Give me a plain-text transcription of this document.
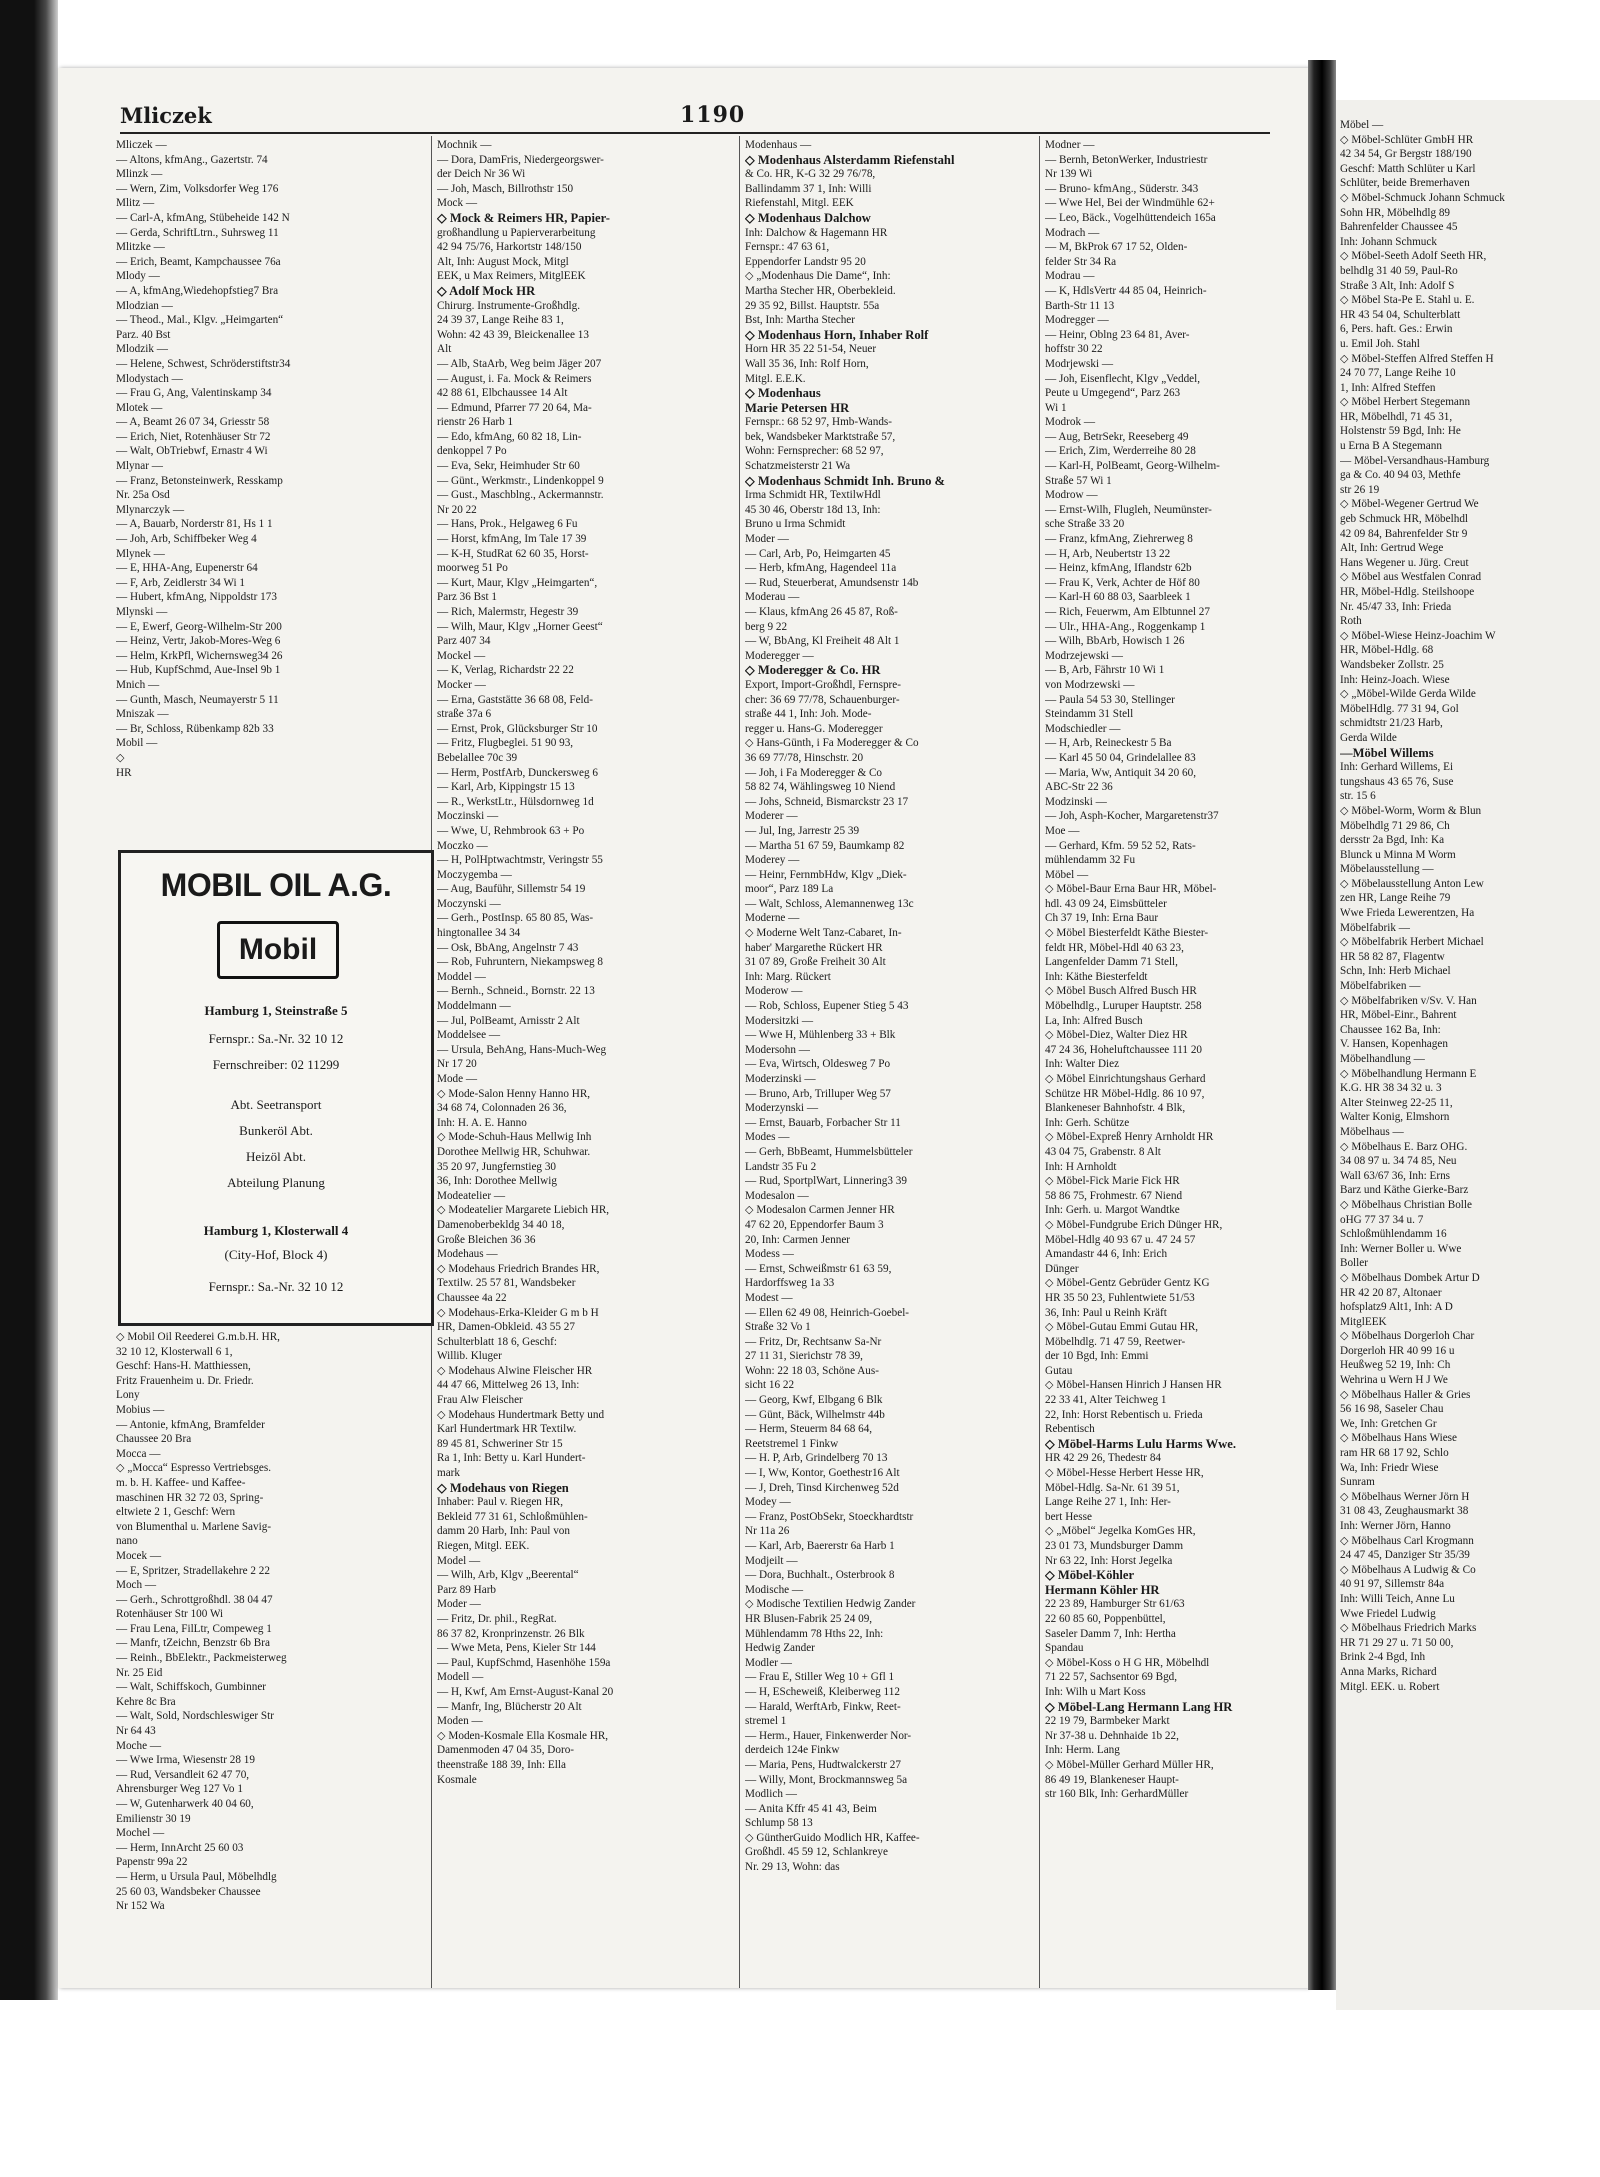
Mliczek	1190
Mliczek —
— Altons, kfmAng., Gazertstr. 74
Mlinzk —
— Wern, Zim, Volksdorfer Weg 176
Mlitz —
— Carl-A, kfmAng, Stübeheide 142 N
— Gerda, SchriftLtrn., Suhrsweg 11
Mlitzke —
— Erich, Beamt, Kampchaussee 76a
Mlody —
— A, kfmAng,Wiedehopfstieg7 Bra
Mlodzian —
— Theod., Mal., Klgv. „Heimgarten“
Parz. 40 Bst
Mlodzik —
— Helene, Schwest, Schröderstiftstr34
Mlodystach —
— Frau G, Ang, Valentinskamp 34
Mlotek —
— A, Beamt 26 07 34, Griesstr 58
— Erich, Niet, Rotenhäuser Str 72
— Walt, ObTriebwf, Ernastr 4 Wi
Mlynar —
— Franz, Betonsteinwerk, Resskamp
Nr. 25a Osd
Mlynarczyk —
— A, Bauarb, Norderstr 81, Hs 1 1
— Joh, Arb, Schiffbeker Weg 4
Mlynek —
— E, HHA-Ang, Eupenerstr 64
— F, Arb, Zeidlerstr 34 Wi 1
— Hubert, kfmAng, Nippoldstr 173
Mlynski —
— E, Ewerf, Georg-Wilhelm-Str 200
— Heinz, Vertr, Jakob-Mores-Weg 6
— Helm, KrkPfl, Wichernsweg34 26
— Hub, KupfSchmd, Aue-Insel 9b 1
Mnich —
— Gunth, Masch, Neumayerstr 5 11
Mniszak —
— Br, Schloss, Rübenkamp 82b 33
Mobil —
◇
HR
MOBIL OIL A.G.
Mobil
Hamburg 1, Steinstraße 5
Fernspr.: Sa.-Nr. 32 10 12
Fernschreiber: 02 11299
Abt. Seetransport
Bunkeröl Abt.
Heizöl Abt.
Abteilung Planung
Hamburg 1, Klosterwall 4
(City-Hof, Block 4)
Fernspr.: Sa.-Nr. 32 10 12
◇ Mobil Oil Reederei G.m.b.H. HR,
32 10 12, Klosterwall 6 1,
Geschf: Hans-H. Matthiessen,
Fritz Frauenheim u. Dr. Friedr.
Lony
Mobius —
— Antonie, kfmAng, Bramfelder
Chaussee 20 Bra
Mocca —
◇ „Mocca“ Espresso Vertriebsges.
m. b. H. Kaffee- und Kaffee-
maschinen HR 32 72 03, Spring-
eltwiete 2 1, Geschf: Wern
von Blumenthal u. Marlene Savig-
nano
Mocek —
— E, Spritzer, Stradellakehre 2 22
Moch —
— Gerh., Schrottgroßhdl. 38 04 47
Rotenhäuser Str 100 Wi
— Frau Lena, FilLtr, Compeweg 1
— Manfr, tZeichn, Benzstr 6b Bra
— Reinh., BbElektr., Packmeisterweg
Nr. 25 Eid
— Walt, Schiffskoch, Gumbinner
Kehre 8c Bra
— Walt, Sold, Nordschleswiger Str
Nr 64 43
Moche —
— Wwe Irma, Wiesenstr 28 19
— Rud, Versandleit 62 47 70,
Ahrensburger Weg 127 Vo 1
— W, Gutenharwerk 40 04 60,
Emilienstr 30 19
Mochel —
— Herm, InnArcht 25 60 03
Papenstr 99a 22
— Herm, u Ursula Paul, Möbelhdlg
25 60 03, Wandsbeker Chaussee
Nr 152 Wa
Mochnik —
— Dora, DamFris, Niedergeorgswer-
der Deich Nr 36 Wi
— Joh, Masch, Billrothstr 150
Mock —
◇ Mock & Reimers HR, Papier-
großhandlung u Papierverarbeitung
42 94 75/76, Harkortstr 148/150
Alt, Inh: August Mock, Mitgl
EEK, u Max Reimers, MitglEEK
◇ Adolf Mock HR
Chirurg. Instrumente-Großhdlg.
24 39 37, Lange Reihe 83 1,
Wohn: 42 43 39, Bleickenallee 13
Alt
— Alb, StaArb, Weg beim Jäger 207
— August, i. Fa. Mock & Reimers
42 88 61, Elbchaussee 14 Alt
— Edmund, Pfarrer 77 20 64, Ma-
rienstr 26 Harb 1
— Edo, kfmAng, 60 82 18, Lin-
denkoppel 7 Po
— Eva, Sekr, Heimhuder Str 60
— Günt., Werkmstr., Lindenkoppel 9
— Gust., Maschblng., Ackermannstr.
Nr 20 22
— Hans, Prok., Helgaweg 6 Fu
— Horst, kfmAng, Im Tale 17 39
— K-H, StudRat 62 60 35, Horst-
moorweg 51 Po
— Kurt, Maur, Klgv „Heimgarten“,
Parz 36 Bst 1
— Rich, Malermstr, Hegestr 39
— Wilh, Maur, Klgv „Horner Geest“
Parz 407 34
Mockel —
— K, Verlag, Richardstr 22 22
Mocker —
— Erna, Gaststätte 36 68 08, Feld-
straße 37a 6
— Ernst, Prok, Glücksburger Str 10
— Fritz, Flugbeglei. 51 90 93,
Bebelallee 70c 39
— Herm, PostfArb, Dunckersweg 6
— Karl, Arb, Kippingstr 15 13
— R., WerkstLtr., Hülsdornweg 1d
Moczinski —
— Wwe, U, Rehmbrook 63 + Po
Moczko —
— H, PolHptwachtmstr, Veringstr 55
Moczygemba —
— Aug, Bauführ, Sillemstr 54 19
Moczynski —
— Gerh., PostInsp. 65 80 85, Was-
hingtonallee 34 34
— Osk, BbAng, Angelnstr 7 43
— Rob, Fuhruntern, Niekampsweg 8
Moddel —
— Bernh., Schneid., Bornstr. 22 13
Moddelmann —
— Jul, PolBeamt, Arnisstr 2 Alt
Moddelsee —
— Ursula, BehAng, Hans-Much-Weg
Nr 17 20
Mode —
◇ Mode-Salon Henny Hanno HR,
34 68 74, Colonnaden 26 36,
Inh: H. A. E. Hanno
◇ Mode-Schuh-Haus Mellwig Inh
Dorothee Mellwig HR, Schuhwar.
35 20 97, Jungfernstieg 30
36, Inh: Dorothee Mellwig
Modeatelier —
◇ Modeatelier Margarete Liebich HR,
Damenoberbekldg 34 40 18,
Große Bleichen 36 36
Modehaus —
◇ Modehaus Friedrich Brandes HR,
Textilw. 25 57 81, Wandsbeker
Chaussee 4a 22
◇ Modehaus-Erka-Kleider G m b H
HR, Damen-Obkleid. 43 55 27
Schulterblatt 18 6, Geschf:
Willib. Kluger
◇ Modehaus Alwine Fleischer HR
44 47 66, Mittelweg 26 13, Inh:
Frau Alw Fleischer
◇ Modehaus Hundertmark Betty und
Karl Hundertmark HR Textilw.
89 45 81, Schweriner Str 15
Ra 1, Inh: Betty u. Karl Hundert-
mark
◇ Modehaus von Riegen
Inhaber: Paul v. Riegen HR,
Bekleid 77 31 61, Schloßmühlen-
damm 20 Harb, Inh: Paul von
Riegen, Mitgl. EEK.
Model —
— Wilh, Arb, Klgv „Beerental“
Parz 89 Harb
Moder —
— Fritz, Dr. phil., RegRat.
86 37 82, Kronprinzenstr. 26 Blk
— Wwe Meta, Pens, Kieler Str 144
— Paul, KupfSchmd, Hasenhöhe 159a
Modell —
— H, Kwf, Am Ernst-August-Kanal 20
— Manfr, Ing, Blücherstr 20 Alt
Moden —
◇ Moden-Kosmale Ella Kosmale HR,
Damenmoden 47 04 35, Doro-
theenstraße 188 39, Inh: Ella
Kosmale
Modenhaus —
◇ Modenhaus Alsterdamm Riefenstahl
& Co. HR, K-G 32 29 76/78,
Ballindamm 37 1, Inh: Willi
Riefenstahl, Mitgl. EEK
◇ Modenhaus Dalchow
Inh: Dalchow & Hagemann HR
Fernspr.: 47 63 61,
Eppendorfer Landstr 95 20
◇ „Modenhaus Die Dame“, Inh:
Martha Stecher HR, Oberbekleid.
29 35 92, Billst. Hauptstr. 55a
Bst, Inh: Martha Stecher
◇ Modenhaus Horn, Inhaber Rolf
Horn HR 35 22 51-54, Neuer
Wall 35 36, Inh: Rolf Horn,
Mitgl. E.E.K.
◇ Modenhaus
Marie Petersen HR
Fernspr.: 68 52 97, Hmb-Wands-
bek, Wandsbeker Marktstraße 57,
Wohn: Fernsprecher: 68 52 97,
Schatzmeisterstr 21 Wa
◇ Modenhaus Schmidt Inh. Bruno &
Irma Schmidt HR, TextilwHdl
45 30 46, Oberstr 18d 13, Inh:
Bruno u Irma Schmidt
Moder —
— Carl, Arb, Po, Heimgarten 45
— Herb, kfmAng, Hagendeel 11a
— Rud, Steuerberat, Amundsenstr 14b
Moderau —
— Klaus, kfmAng 26 45 87, Roß-
berg 9 22
— W, BbAng, Kl Freiheit 48 Alt 1
Moderegger —
◇ Moderegger & Co. HR
Export, Import-Großhdl, Fernspre-
cher: 36 69 77/78, Schauenburger-
straße 44 1, Inh: Joh. Mode-
regger u. Hans-G. Moderegger
◇ Hans-Günth, i Fa Moderegger & Co
36 69 77/78, Hinschstr. 20
— Joh, i Fa Moderegger & Co
58 82 74, Wählingsweg 10 Niend
— Johs, Schneid, Bismarckstr 23 17
Moderer —
— Jul, Ing, Jarrestr 25 39
— Martha 51 67 59, Baumkamp 82
Moderey —
— Heinr, FernmbHdw, Klgv „Diek-
moor“, Parz 189 La
— Walt, Schloss, Alemannenweg 13c
Moderne —
◇ Moderne Welt Tanz-Cabaret, In-
haber' Margarethe Rückert HR
31 07 89, Große Freiheit 30 Alt
Inh: Marg. Rückert
Moderow —
— Rob, Schloss, Eupener Stieg 5 43
Modersitzki —
— Wwe H, Mühlenberg 33 + Blk
Modersohn —
— Eva, Wirtsch, Oldesweg 7 Po
Moderzinski —
— Bruno, Arb, Trilluper Weg 57
Moderzynski —
— Ernst, Bauarb, Forbacher Str 11
Modes —
— Gerh, BbBeamt, Hummelsbütteler
Landstr 35 Fu 2
— Rud, SportplWart, Linnering3 39
Modesalon —
◇ Modesalon Carmen Jenner HR
47 62 20, Eppendorfer Baum 3
20, Inh: Carmen Jenner
Modess —
— Ernst, Schweißmstr 61 63 59,
Hardorffsweg 1a 33
Modest —
— Ellen 62 49 08, Heinrich-Goebel-
Straße 32 Vo 1
— Fritz, Dr, Rechtsanw Sa-Nr
27 11 31, Sierichstr 78 39,
Wohn: 22 18 03, Schöne Aus-
sicht 16 22
— Georg, Kwf, Elbgang 6 Blk
— Günt, Bäck, Wilhelmstr 44b
— Herm, Steuerm 84 68 64,
Reetstremel 1 Finkw
— H. P, Arb, Grindelberg 70 13
— I, Ww, Kontor, Goethestr16 Alt
— J, Dreh, Tinsd Kirchenweg 52d
Modey —
— Franz, PostObSekr, Stoeckhardtstr
Nr 11a 26
— Karl, Arb, Baererstr 6a Harb 1
Modjeilt —
— Dora, Buchhalt., Osterbrook 8
Modische —
◇ Modische Textilien Hedwig Zander
HR Blusen-Fabrik 25 24 09,
Mühlendamm 78 Hths 22, Inh:
Hedwig Zander
Modler —
— Frau E, Stiller Weg 10 + Gfl 1
— H, EScheweiß, Kleiberweg 112
— Harald, WerftArb, Finkw, Reet-
stremel 1
— Herm., Hauer, Finkenwerder Nor-
derdeich 124e Finkw
— Maria, Pens, Hudtwalckerstr 27
— Willy, Mont, Brockmannsweg 5a
Modlich —
— Anita Kffr 45 41 43, Beim
Schlump 58 13
◇ GüntherGuido Modlich HR, Kaffee-
Großhdl. 45 59 12, Schlankreye
Nr. 29 13, Wohn: das
Modner —
— Bernh, BetonWerker, Industriestr
Nr 139 Wi
— Bruno- kfmAng., Süderstr. 343
— Wwe Hel, Bei der Windmühle 62+
— Leo, Bäck., Vogelhüttendeich 165a
Modrach —
— M, BkProk 67 17 52, Olden-
felder Str 34 Ra
Modrau —
— K, HdlsVertr 44 85 04, Heinrich-
Barth-Str 11 13
Modregger —
— Heinr, Oblng 23 64 81, Aver-
hoffstr 30 22
Modrjewski —
— Joh, Eisenflecht, Klgv „Veddel,
Peute u Umgegend“, Parz 263
Wi 1
Modrok —
— Aug, BetrSekr, Reeseberg 49
— Erich, Zim, Werderreihe 80 28
— Karl-H, PolBeamt, Georg-Wilhelm-
Straße 57 Wi 1
Modrow —
— Ernst-Wilh, Flugleh, Neumünster-
sche Straße 33 20
— Franz, kfmAng, Ziehrerweg 8
— H, Arb, Neubertstr 13 22
— Heinz, kfmAng, Iflandstr 62b
— Frau K, Verk, Achter de Höf 80
— Karl-H 60 88 03, Saarbleek 1
— Rich, Feuerwm, Am Elbtunnel 27
— Ulr., HHA-Ang., Roggenkamp 1
— Wilh, BbArb, Howisch 1 26
Modrzejewski —
— B, Arb, Fährstr 10 Wi 1
von Modrzewski —
— Paula 54 53 30, Stellinger
Steindamm 31 Stell
Modschiedler —
— H, Arb, Reineckestr 5 Ba
— Karl 45 50 04, Grindelallee 83
— Maria, Ww, Antiquit 34 20 60,
ABC-Str 22 36
Modzinski —
— Joh, Asph-Kocher, Margaretenstr37
Moe —
— Gerhard, Kfm. 59 52 52, Rats-
mühlendamm 32 Fu
Möbel —
◇ Möbel-Baur Erna Baur HR, Möbel-
hdl. 43 09 24, Eimsbütteler
Ch 37 19, Inh: Erna Baur
◇ Möbel Biesterfeldt Käthe Biester-
feldt HR, Möbel-Hdl 40 63 23,
Langenfelder Damm 71 Stell,
Inh: Käthe Biesterfeldt
◇ Möbel Busch Alfred Busch HR
Möbelhdlg., Luruper Hauptstr. 258
La, Inh: Alfred Busch
◇ Möbel-Diez, Walter Diez HR
47 24 36, Hoheluftchaussee 111 20
Inh: Walter Diez
◇ Möbel Einrichtungshaus Gerhard
Schütze HR Möbel-Hdlg. 86 10 97,
Blankeneser Bahnhofstr. 4 Blk,
Inh: Gerh. Schütze
◇ Möbel-Expreß Henry Arnholdt HR
43 04 75, Grabenstr. 8 Alt
Inh: H Arnholdt
◇ Möbel-Fick Marie Fick HR
58 86 75, Frohmestr. 67 Niend
Inh: Gerh. u. Margot Wandtke
◇ Möbel-Fundgrube Erich Dünger HR,
Möbel-Hdlg 40 93 67 u. 47 24 57
Amandastr 44 6, Inh: Erich
Dünger
◇ Möbel-Gentz Gebrüder Gentz KG
HR 35 50 23, Fuhlentwiete 51/53
36, Inh: Paul u Reinh Kräft
◇ Möbel-Gutau Emmi Gutau HR,
Möbelhdlg. 71 47 59, Reetwer-
der 10 Bgd, Inh: Emmi
Gutau
◇ Möbel-Hansen Hinrich J Hansen HR
22 33 41, Alter Teichweg 1
22, Inh: Horst Rebentisch u. Frieda
Rebentisch
◇ Möbel-Harms Lulu Harms Wwe.
HR 42 29 26, Thedestr 84
◇ Möbel-Hesse Herbert Hesse HR,
Möbel-Hdlg. Sa-Nr. 61 39 51,
Lange Reihe 27 1, Inh: Her-
bert Hesse
◇ „Möbel“ Jegelka KomGes HR,
23 01 73, Mundsburger Damm
Nr 63 22, Inh: Horst Jegelka
◇ Möbel-Köhler
Hermann Köhler HR
22 23 89, Hamburger Str 61/63
22 60 85 60, Poppenbüttel,
Saseler Damm 7, Inh: Hertha
Spandau
◇ Möbel-Koss o H G HR, Möbelhdl
71 22 57, Sachsentor 69 Bgd,
Inh: Wilh u Mart Koss
◇ Möbel-Lang Hermann Lang HR
22 19 79, Barmbeker Markt
Nr 37-38 u. Dehnhaide 1b 22,
Inh: Herm. Lang
◇ Möbel-Müller Gerhard Müller HR,
86 49 19, Blankeneser Haupt-
str 160 Blk, Inh: GerhardMüller
Möbel —
◇ Möbel-Schlüter GmbH HR
42 34 54, Gr Bergstr 188/190
Geschf: Matth Schlüter u Karl
Schlüter, beide Bremerhaven
◇ Möbel-Schmuck Johann Schmuck
Sohn HR, Möbelhdlg 89
Bahrenfelder Chaussee 45
Inh: Johann Schmuck
◇ Möbel-Seeth Adolf Seeth HR,
belhdlg 31 40 59, Paul-Ro
Straße 3 Alt, Inh: Adolf S
◇ Möbel Sta-Pe E. Stahl u. E.
HR 43 54 04, Schulterblatt
6, Pers. haft. Ges.: Erwin
u. Emil Joh. Stahl
◇ Möbel-Steffen Alfred Steffen H
24 70 77, Lange Reihe 10
1, Inh: Alfred Steffen
◇ Möbel Herbert Stegemann
HR, Möbelhdl, 71 45 31,
Holstenstr 59 Bgd, Inh: He
u Erna B A Stegemann
— Möbel-Versandhaus-Hamburg
ga & Co. 40 94 03, Methfe
str 26 19
◇ Möbel-Wegener Gertrud We
geb Schmuck HR, Möbelhdl
42 09 84, Bahrenfelder Str 9
Alt, Inh: Gertrud Wege
Hans Wegener u. Jürg. Creut
◇ Möbel aus Westfalen Conrad
HR, Möbel-Hdlg. Steilshoope
Nr. 45/47 33, Inh: Frieda
Roth
◇ Möbel-Wiese Heinz-Joachim W
HR, Möbel-Hdlg. 68
Wandsbeker Zollstr. 25
Inh: Heinz-Joach. Wiese
◇ „Möbel-Wilde Gerda Wilde
MöbelHdlg. 77 31 94, Gol
schmidtstr 21/23 Harb,
Gerda Wilde
—Möbel Willems
Inh: Gerhard Willems, Ei
tungshaus 43 65 76, Suse
str. 15 6
◇ Möbel-Worm, Worm & Blun
Möbelhdlg 71 29 86, Ch
dersstr 2a Bgd, Inh: Ka
Blunck u Minna M Worm
Möbelausstellung —
◇ Möbelausstellung Anton Lew
zen HR, Lange Reihe 79
Wwe Frieda Lewerentzen, Ha
Möbelfabrik —
◇ Möbelfabrik Herbert Michael
HR 58 82 87, Flagentw
Schn, Inh: Herb Michael
Möbelfabriken —
◇ Möbelfabriken v/Sv. V. Han
HR, Möbel-Einr., Bahrent
Chaussee 162 Ba, Inh:
V. Hansen, Kopenhagen
Möbelhandlung —
◇ Möbelhandlung Hermann E
K.G. HR 38 34 32 u. 3
Alter Steinweg 22-25 11,
Walter Konig, Elmshorn
Möbelhaus —
◇ Möbelhaus E. Barz OHG.
34 08 97 u. 34 74 85, Neu
Wall 63/67 36, Inh: Erns
Barz und Käthe Gierke-Barz
◇ Möbelhaus Christian Bolle
oHG 77 37 34 u. 7
Schloßmühlendamm 16
Inh: Werner Boller u. Wwe
Boller
◇ Möbelhaus Dombek Artur D
HR 42 20 87, Altonaer
hofsplatz9 Alt1, Inh: A D
MitglEEK
◇ Möbelhaus Dorgerloh Char
Dorgerloh HR 40 99 16 u
Heußweg 52 19, Inh: Ch
Wehrina u Wern H J We
◇ Möbelhaus Haller & Gries
56 16 98, Saseler Chau
We, Inh: Gretchen Gr
◇ Möbelhaus Hans Wiese
ram HR 68 17 92, Schlo
Wa, Inh: Friedr Wiese
Sunram
◇ Möbelhaus Werner Jörn H
31 08 43, Zeughausmarkt 38
Inh: Werner Jörn, Hanno
◇ Möbelhaus Carl Krogmann
24 47 45, Danziger Str 35/39
◇ Möbelhaus A Ludwig & Co
40 91 97, Sillemstr 84a
Inh: Willi Teich, Anne Lu
Wwe Friedel Ludwig
◇ Möbelhaus Friedrich Marks
HR 71 29 27 u. 71 50 00,
Brink 2-4 Bgd, Inh
Anna Marks, Richard
Mitgl. EEK. u. Robert
